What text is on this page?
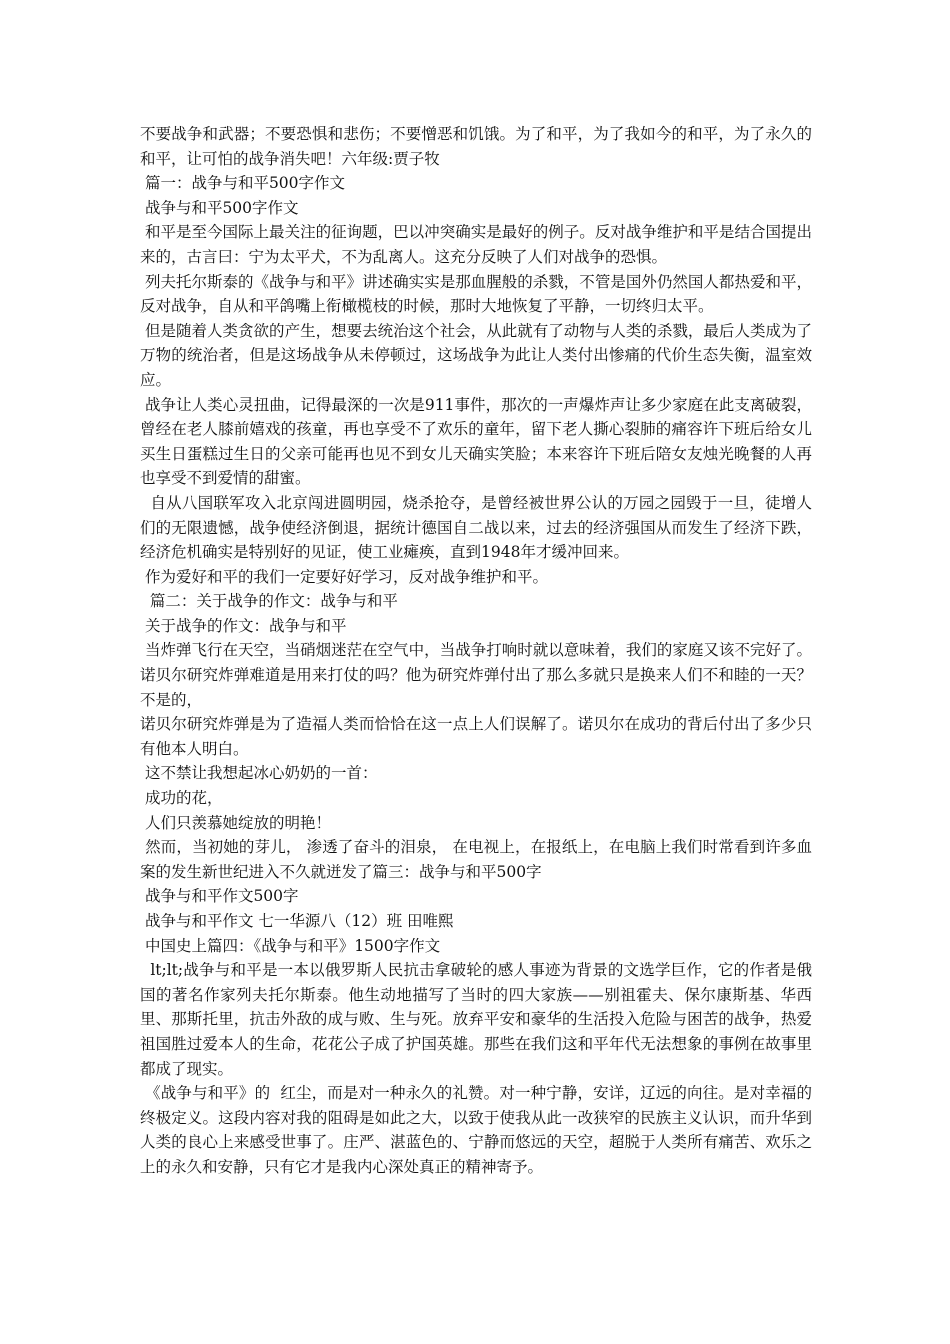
不要战争和武器；不要恐惧和悲伤；不要憎恶和饥饿。为了和平，为了我如今的和平，为了永久的和平，让可怕的战争消失吧！六年级:贾子牧

篇一：战争与和平500字作文

战争与和平500字作文

和平是至今国际上最关注的征询题，巴以冲突确实是最好的例子。反对战争维护和平是结合国提出来的，古言曰：宁为太平犬，不为乱离人。这充分反映了人们对战争的恐惧。

列夫托尔斯泰的《战争与和平》讲述确实实是那血腥般的杀戮，不管是国外仍然国人都热爱和平，反对战争，自从和平鸽嘴上衔橄榄枝的时候，那时大地恢复了平静，一切终归太平。

但是随着人类贪欲的产生，想要去统治这个社会，从此就有了动物与人类的杀戮，最后人类成为了万物的统治者，但是这场战争从未停顿过，这场战争为此让人类付出惨痛的代价生态失衡，温室效应。

战争让人类心灵扭曲，记得最深的一次是911事件，那次的一声爆炸声让多少家庭在此支离破裂，曾经在老人膝前嬉戏的孩童，再也享受不了欢乐的童年，留下老人撕心裂肺的痛容许下班后给女儿买生日蛋糕过生日的父亲可能再也见不到女儿天确实笑脸；本来容许下班后陪女友烛光晚餐的人再也享受不到爱情的甜蜜。

自从八国联军攻入北京闯进圆明园，烧杀抢夺，是曾经被世界公认的万园之园毁于一旦，徒增人们的无限遗憾，战争使经济倒退，据统计德国自二战以来，过去的经济强国从而发生了经济下跌，经济危机确实是特别好的见证，使工业瘫痪，直到1948年才缓冲回来。

作为爱好和平的我们一定要好好学习，反对战争维护和平。

篇二：关于战争的作文：战争与和平

关于战争的作文：战争与和平

当炸弹飞行在天空，当硝烟迷茫在空气中，当战争打响时就以意味着，我们的家庭又该不完好了。诺贝尔研究炸弹难道是用来打仗的吗？他为研究炸弹付出了那么多就只是换来人们不和睦的一天？不是的，

诺贝尔研究炸弹是为了造福人类而恰恰在这一点上人们误解了。诺贝尔在成功的背后付出了多少只有他本人明白。

这不禁让我想起冰心奶奶的一首：

成功的花，

人们只羡慕她绽放的明艳！

然而，当初她的芽儿， 渗透了奋斗的泪泉， 在电视上，在报纸上，在电脑上我们时常看到许多血案的发生新世纪进入不久就迸发了篇三：战争与和平500字

战争与和平作文500字

战争与和平作文 七一华源八（12）班 田唯熙

中国史上篇四：《战争与和平》1500字作文

lt;lt;战争与和平是一本以俄罗斯人民抗击拿破轮的感人事迹为背景的文选学巨作，它的作者是俄国的著名作家列夫托尔斯泰。他生动地描写了当时的四大家族——别祖霍夫、保尔康斯基、华西里、那斯托里，抗击外敌的成与败、生与死。放弃平安和豪华的生活投入危险与困苦的战争，热爱祖国胜过爱本人的生命，花花公子成了护国英雄。那些在我们这和平年代无法想象的事例在故事里都成了现实。

《战争与和平》的  红尘，而是对一种永久的礼赞。对一种宁静，安详，辽远的向往。是对幸福的终极定义。这段内容对我的阻碍是如此之大，以致于使我从此一改狭窄的民族主义认识，而升华到人类的良心上来感受世事了。庄严、湛蓝色的、宁静而悠远的天空，超脱于人类所有痛苦、欢乐之上的永久和安静，只有它才是我内心深处真正的精神寄予。
